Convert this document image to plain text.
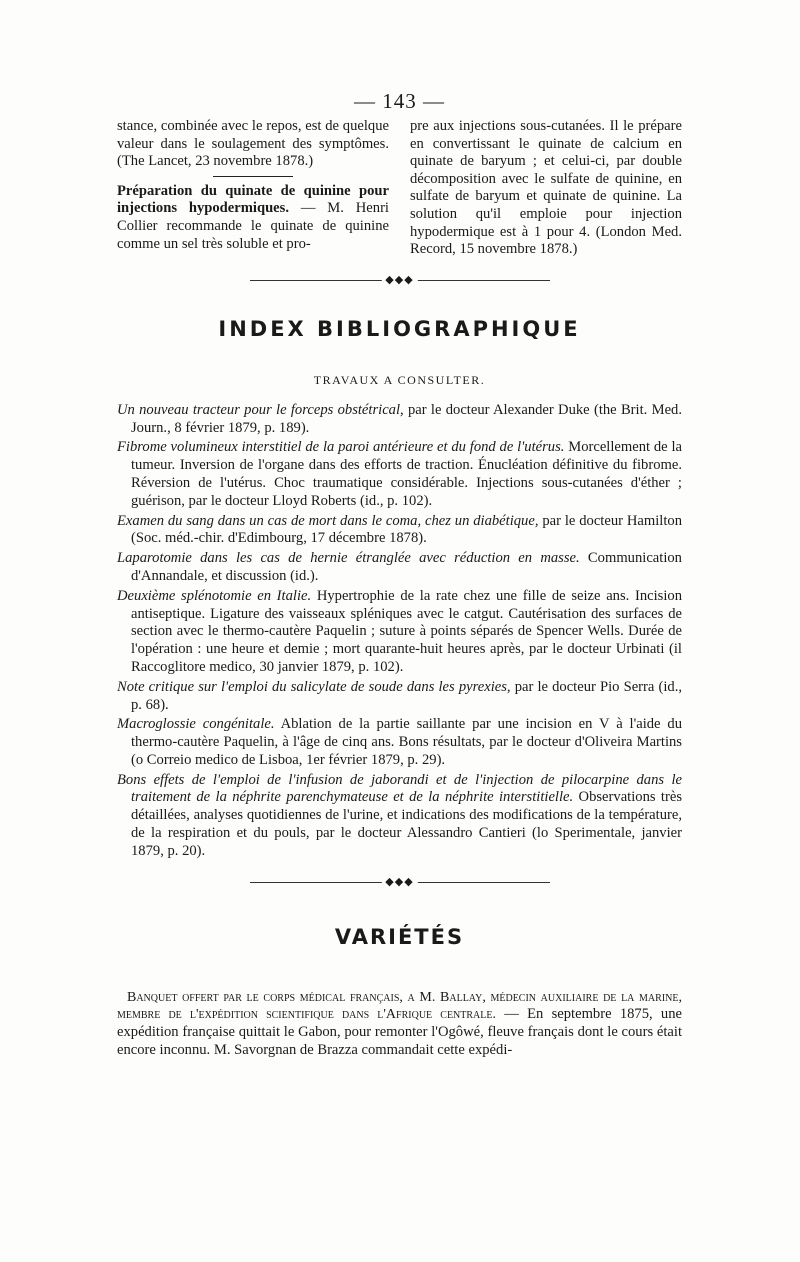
— 143 —

stance, combinée avec le repos, est de quelque valeur dans le soulagement des symptômes. (The Lancet, 23 novembre 1878.)

Préparation du quinate de quinine pour injections hypodermiques. — M. Henri Collier recommande le quinate de quinine comme un sel très soluble et pro-

pre aux injections sous-cutanées. Il le prépare en convertissant le quinate de calcium en quinate de baryum ; et celui-ci, par double décomposition avec le sulfate de quinine, en sulfate de baryum et quinate de quinine. La solution qu'il emploie pour injection hypodermique est à 1 pour 4. (London Med. Record, 15 novembre 1878.)

◆◆◆
INDEX BIBLIOGRAPHIQUE
TRAVAUX A CONSULTER.

Un nouveau tracteur pour le forceps obstétrical, par le docteur Alexander Duke (the Brit. Med. Journ., 8 février 1879, p. 189).

Fibrome volumineux interstitiel de la paroi antérieure et du fond de l'utérus. Morcellement de la tumeur. Inversion de l'organe dans des efforts de traction. Énucléation définitive du fibrome. Réversion de l'utérus. Choc traumatique considérable. Injections sous-cutanées d'éther ; guérison, par le docteur Lloyd Roberts (id., p. 102).

Examen du sang dans un cas de mort dans le coma, chez un diabétique, par le docteur Hamilton (Soc. méd.-chir. d'Edimbourg, 17 décembre 1878).

Laparotomie dans les cas de hernie étranglée avec réduction en masse. Communication d'Annandale, et discussion (id.).

Deuxième splénotomie en Italie. Hypertrophie de la rate chez une fille de seize ans. Incision antiseptique. Ligature des vaisseaux spléniques avec le catgut. Cautérisation des surfaces de section avec le thermo-cautère Paquelin ; suture à points séparés de Spencer Wells. Durée de l'opération : une heure et demie ; mort quarante-huit heures après, par le docteur Urbinati (il Raccoglitore medico, 30 janvier 1879, p. 102).

Note critique sur l'emploi du salicylate de soude dans les pyrexies, par le docteur Pio Serra (id., p. 68).

Macroglossie congénitale. Ablation de la partie saillante par une incision en V à l'aide du thermo-cautère Paquelin, à l'âge de cinq ans. Bons résultats, par le docteur d'Oliveira Martins (o Correio medico de Lisboa, 1er février 1879, p. 29).

Bons effets de l'emploi de l'infusion de jaborandi et de l'injection de pilocarpine dans le traitement de la néphrite parenchymateuse et de la néphrite interstitielle. Observations très détaillées, analyses quotidiennes de l'urine, et indications des modifications de la température, de la respiration et du pouls, par le docteur Alessandro Cantieri (lo Sperimentale, janvier 1879, p. 20).

◆◆◆
VARIÉTÉS

Banquet offert par le corps médical français, a M. Ballay, médecin auxiliaire de la marine, membre de l'expédition scientifique dans l'Afrique centrale. — En septembre 1875, une expédition française quittait le Gabon, pour remonter l'Ogôwé, fleuve français dont le cours était encore inconnu. M. Savorgnan de Brazza commandait cette expédi-
